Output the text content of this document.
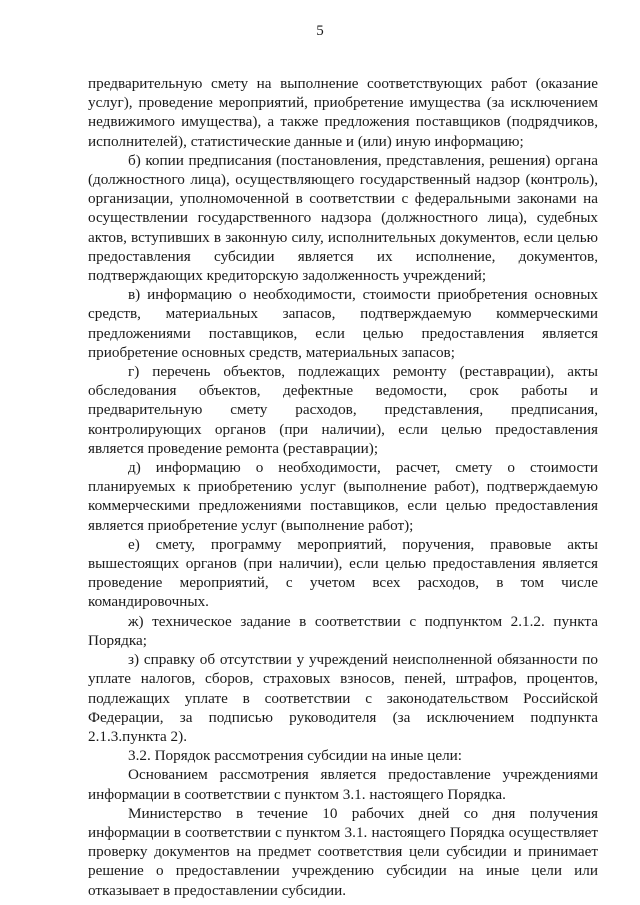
5

предварительную смету на выполнение соответствующих работ (оказание услуг), проведение мероприятий, приобретение имущества (за исключением недвижимого имущества), а также предложения поставщиков (подрядчиков, исполнителей), статистические данные и (или) иную информацию;

б) копии предписания (постановления, представления, решения) органа (должностного лица), осуществляющего государственный надзор (контроль), организации, уполномоченной в соответствии с федеральными законами на осуществлении государственного надзора (должностного лица), судебных актов, вступивших в законную силу, исполнительных документов, если целью предоставления субсидии является их исполнение, документов, подтверждающих кредиторскую задолженность учреждений;

в) информацию о необходимости, стоимости приобретения основных средств, материальных запасов, подтверждаемую коммерческими предложениями поставщиков, если целью предоставления является приобретение основных средств, материальных запасов;

г) перечень объектов, подлежащих ремонту (реставрации), акты обследования объектов, дефектные ведомости, срок работы и предварительную смету расходов, представления, предписания, контролирующих органов (при наличии), если целью предоставления является проведение ремонта (реставрации);

д) информацию о необходимости, расчет, смету о стоимости планируемых к приобретению услуг (выполнение работ), подтверждаемую коммерческими предложениями поставщиков, если целью предоставления является приобретение услуг (выполнение работ);

е) смету, программу мероприятий, поручения, правовые акты вышестоящих органов (при наличии), если целью предоставления является проведение мероприятий, с учетом всех расходов, в том числе командировочных.

ж) техническое задание в соответствии с подпунктом 2.1.2. пункта Порядка;

з) справку об отсутствии у учреждений неисполненной обязанности по уплате налогов, сборов, страховых взносов, пеней, штрафов, процентов, подлежащих уплате в соответствии с законодательством Российской Федерации, за подписью руководителя (за исключением подпункта 2.1.3.пункта 2).

3.2. Порядок рассмотрения субсидии на иные цели:

Основанием рассмотрения является предоставление учреждениями информации в соответствии с пунктом 3.1. настоящего Порядка.

Министерство в течение 10 рабочих дней со дня получения информации в соответствии с пунктом 3.1. настоящего Порядка осуществляет проверку документов на предмет соответствия цели субсидии и принимает решение о предоставлении учреждению субсидии на иные цели или отказывает в предоставлении субсидии.
